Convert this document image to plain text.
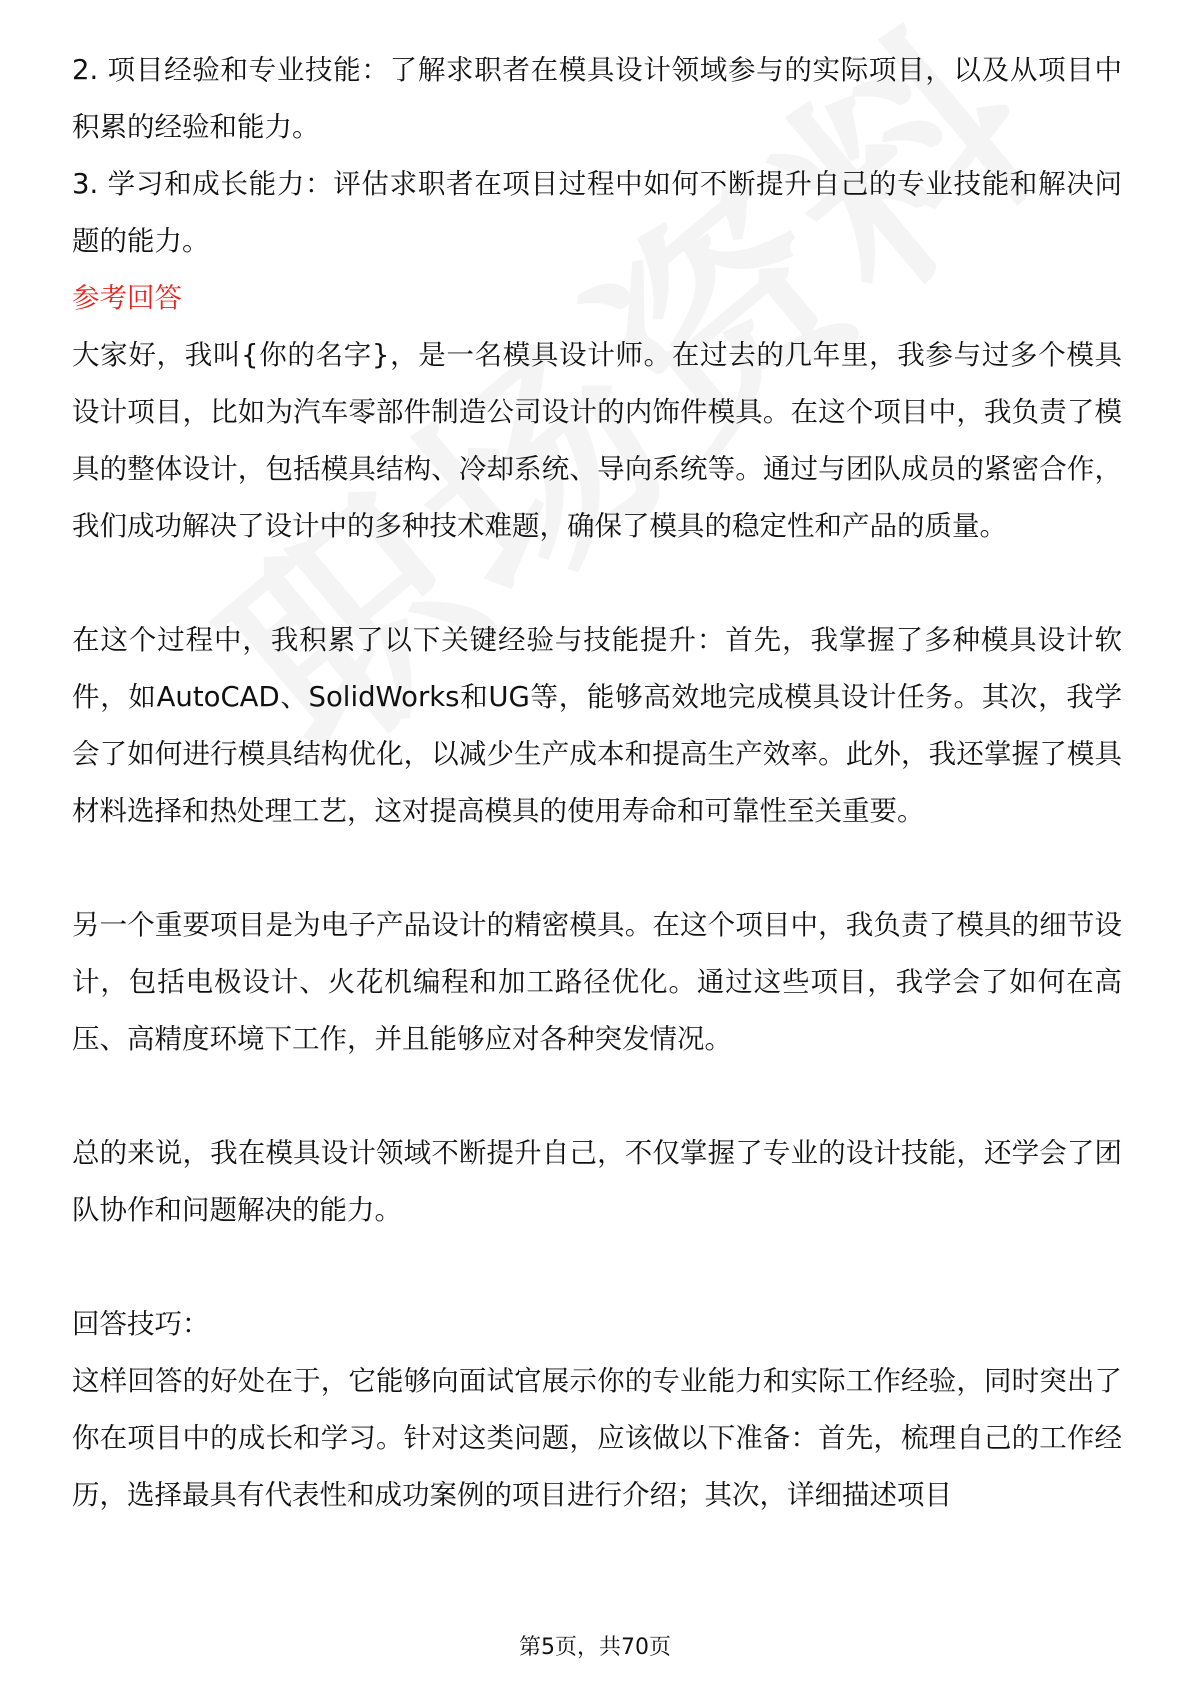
2. 项目经验和专业技能：了解求职者在模具设计领域参与的实际项目，以及从项目中积累的经验和能力。

3. 学习和成长能力：评估求职者在项目过程中如何不断提升自己的专业技能和解决问题的能力。

参考回答

大家好，我叫{你的名字}，是一名模具设计师。在过去的几年里，我参与过多个模具设计项目，比如为汽车零部件制造公司设计的内饰件模具。在这个项目中，我负责了模具的整体设计，包括模具结构、冷却系统、导向系统等。通过与团队成员的紧密合作，我们成功解决了设计中的多种技术难题，确保了模具的稳定性和产品的质量。

在这个过程中，我积累了以下关键经验与技能提升：首先，我掌握了多种模具设计软件，如AutoCAD、SolidWorks和UG等，能够高效地完成模具设计任务。其次，我学会了如何进行模具结构优化，以减少生产成本和提高生产效率。此外，我还掌握了模具材料选择和热处理工艺，这对提高模具的使用寿命和可靠性至关重要。

另一个重要项目是为电子产品设计的精密模具。在这个项目中，我负责了模具的细节设计，包括电极设计、火花机编程和加工路径优化。通过这些项目，我学会了如何在高压、高精度环境下工作，并且能够应对各种突发情况。

总的来说，我在模具设计领域不断提升自己，不仅掌握了专业的设计技能，还学会了团队协作和问题解决的能力。

回答技巧：

这样回答的好处在于，它能够向面试官展示你的专业能力和实际工作经验，同时突出了你在项目中的成长和学习。针对这类问题，应该做以下准备：首先，梳理自己的工作经历，选择最具有代表性和成功案例的项目进行介绍；其次，详细描述项目

第5页，共70页
